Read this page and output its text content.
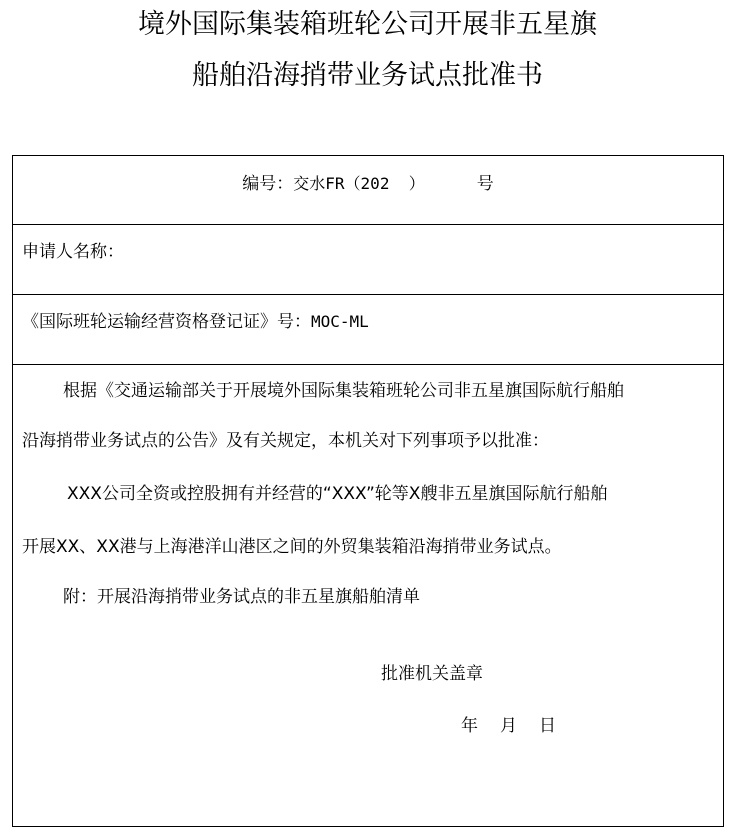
境外国际集装箱班轮公司开展非五星旗
船舶沿海捎带业务试点批准书
编号：交水FR（202  ）	号
申请人名称：
《国际班轮运输经营资格登记证》号：MOC-ML
根据《交通运输部关于开展境外国际集装箱班轮公司非五星旗国际航行船舶
沿海捎带业务试点的公告》及有关规定，本机关对下列事项予以批准：
XXX公司全资或控股拥有并经营的“XXX”轮等X艘非五星旗国际航行船舶
开展XX、XX港与上海港洋山港区之间的外贸集装箱沿海捎带业务试点。
附：开展沿海捎带业务试点的非五星旗船舶清单
批准机关盖章
年 月 日
